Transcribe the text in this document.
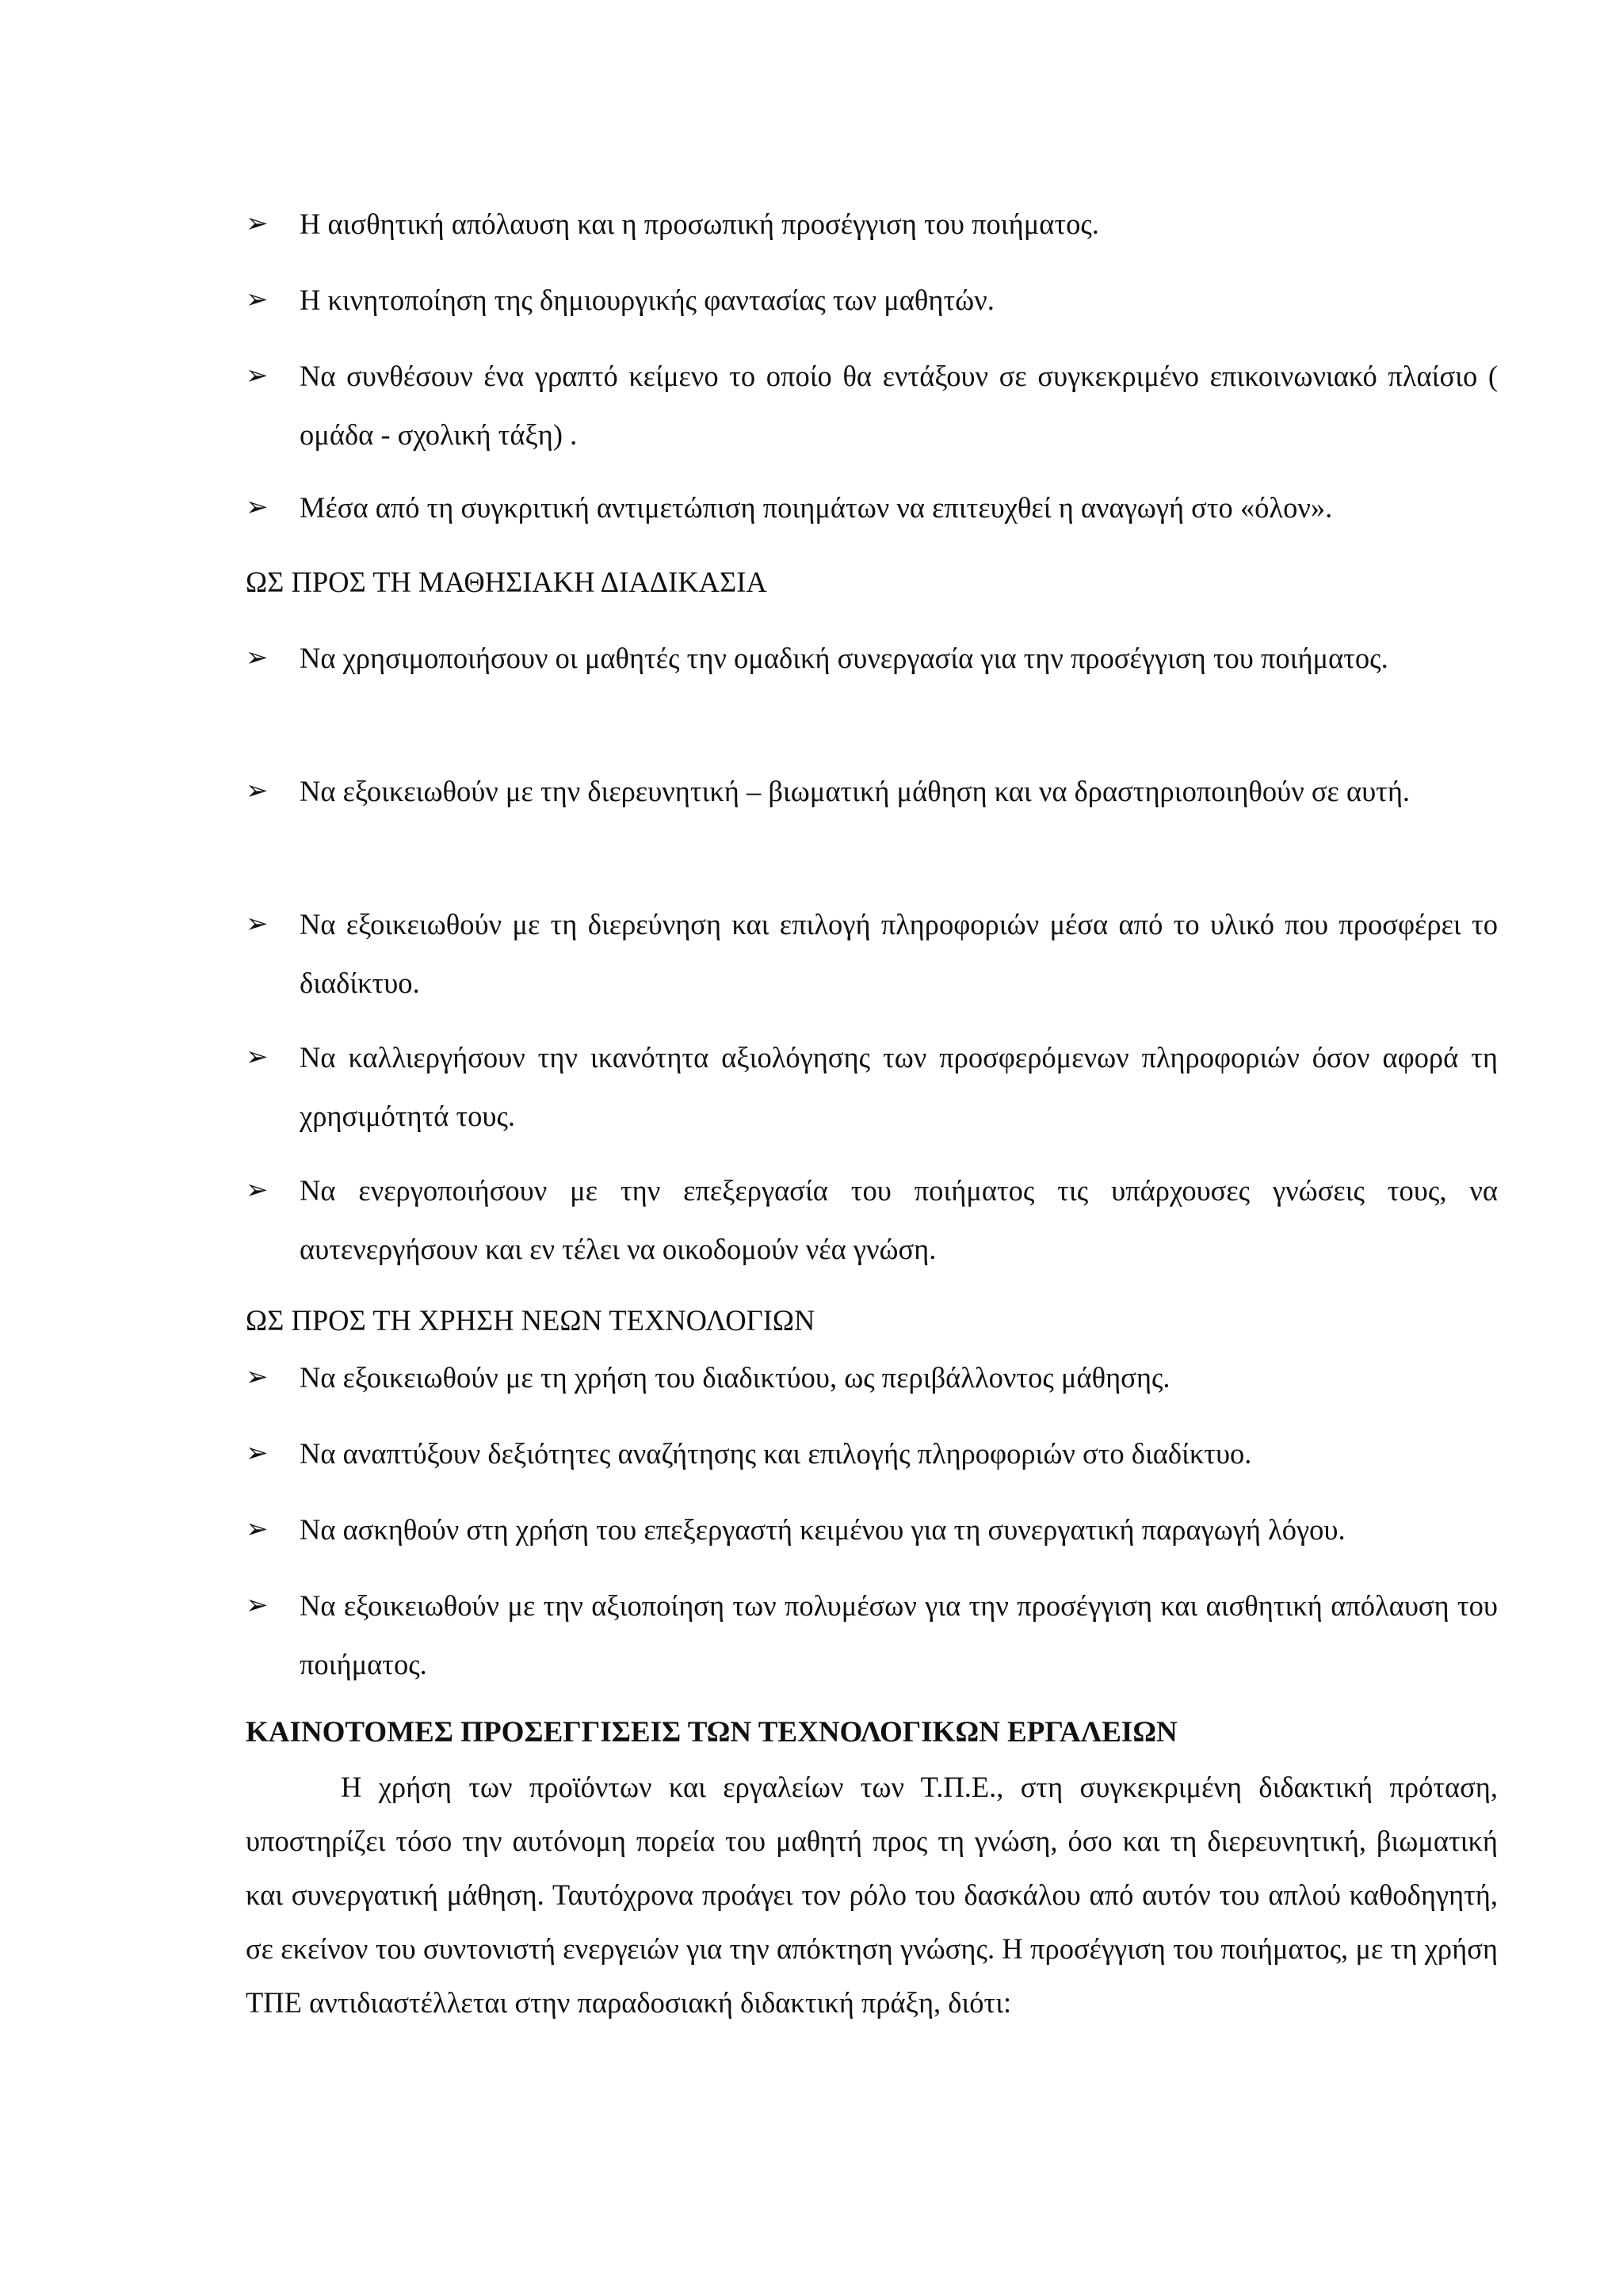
➢	Η αισθητική απόλαυση και η προσωπική προσέγγιση του ποιήματος.
➢	Η κινητοποίηση της δημιουργικής φαντασίας των μαθητών.
➢	Να συνθέσουν ένα γραπτό κείμενο το οποίο θα εντάξουν σε συγκεκριμένο επικοινωνιακό πλαίσιο ( ομάδα - σχολική τάξη) .
➢	Μέσα από τη συγκριτική αντιμετώπιση ποιημάτων να επιτευχθεί η αναγωγή στο «όλον».
ΩΣ ΠΡΟΣ ΤΗ ΜΑΘΗΣΙΑΚΗ ΔΙΑΔΙΚΑΣΙΑ
➢	Να χρησιμοποιήσουν οι μαθητές την ομαδική συνεργασία για την προσέγγιση του ποιήματος.
➢	Να εξοικειωθούν με την διερευνητική – βιωματική μάθηση και να δραστηριοποιηθούν σε αυτή.
➢	Να εξοικειωθούν με τη διερεύνηση και επιλογή πληροφοριών μέσα από το υλικό που προσφέρει το διαδίκτυο.
➢	Να καλλιεργήσουν την ικανότητα αξιολόγησης των προσφερόμενων πληροφοριών όσον αφορά τη χρησιμότητά τους.
➢	Να ενεργοποιήσουν με την επεξεργασία του ποιήματος τις υπάρχουσες γνώσεις τους, να αυτενεργήσουν και εν τέλει να οικοδομούν νέα γνώση.
ΩΣ ΠΡΟΣ ΤΗ ΧΡΗΣΗ ΝΕΩΝ ΤΕΧΝΟΛΟΓΙΩΝ
➢	Να εξοικειωθούν με τη χρήση του διαδικτύου, ως περιβάλλοντος μάθησης.
➢	Να αναπτύξουν δεξιότητες αναζήτησης και επιλογής πληροφοριών στο διαδίκτυο.
➢	Να ασκηθούν στη χρήση του επεξεργαστή κειμένου για τη συνεργατική παραγωγή λόγου.
➢	Να εξοικειωθούν με την αξιοποίηση των πολυμέσων για την προσέγγιση και αισθητική απόλαυση του ποιήματος.
ΚΑΙΝΟΤΟΜΕΣ ΠΡΟΣΕΓΓΙΣΕΙΣ ΤΩΝ ΤΕΧΝΟΛΟΓΙΚΩΝ ΕΡΓΑΛΕΙΩΝ
Η χρήση των προϊόντων και εργαλείων των Τ.Π.Ε., στη συγκεκριμένη διδακτική πρόταση, υποστηρίζει τόσο την αυτόνομη πορεία του μαθητή προς τη γνώση, όσο και τη διερευνητική, βιωματική και συνεργατική μάθηση. Ταυτόχρονα προάγει τον ρόλο του δασκάλου από αυτόν του απλού καθοδηγητή, σε εκείνον του συντονιστή ενεργειών για την απόκτηση γνώσης. Η προσέγγιση του ποιήματος, με τη χρήση ΤΠΕ αντιδιαστέλλεται στην παραδοσιακή διδακτική πράξη, διότι:
